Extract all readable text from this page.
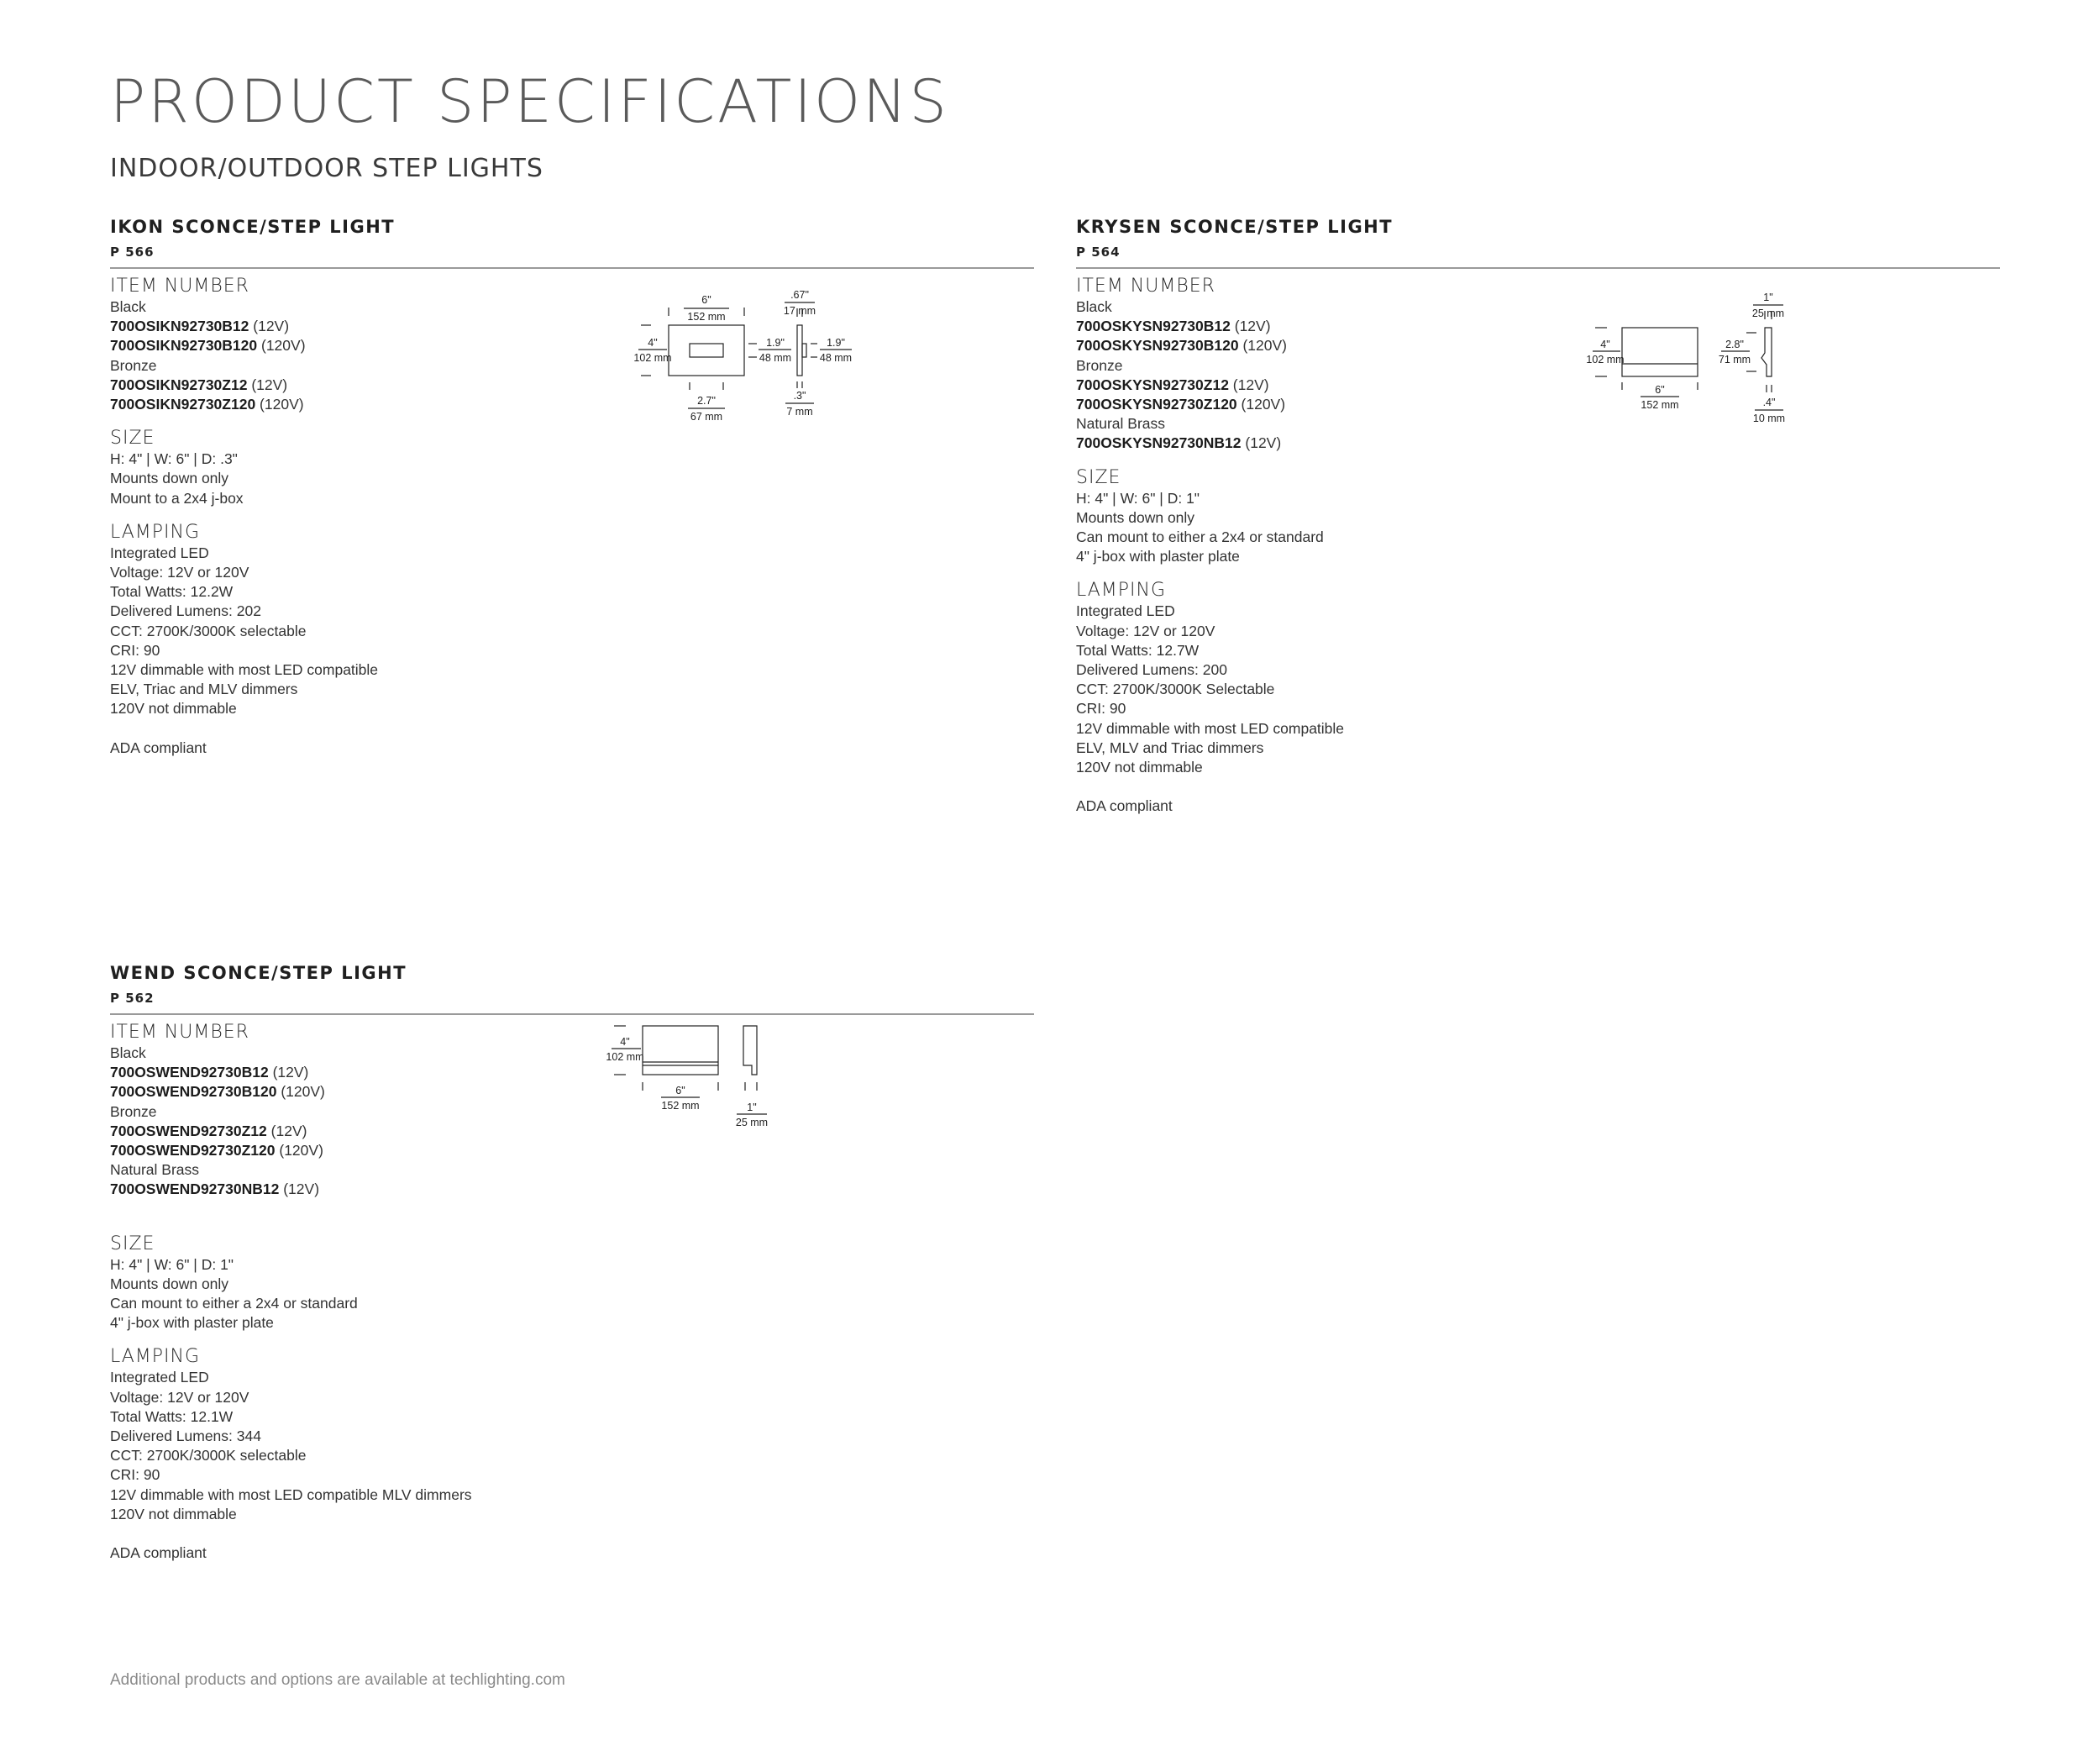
PRODUCT SPECIFICATIONS
INDOOR/OUTDOOR STEP LIGHTS
IKON SCONCE/STEP LIGHT
P 566
ITEM NUMBER
Black
700OSIKN92730B12 (12V)
700OSIKN92730B120 (120V)
Bronze
700OSIKN92730Z12 (12V)
700OSIKN92730Z120 (120V)
SIZE
H: 4" | W: 6" | D: .3"
Mounts down only
Mount to a 2x4 j-box
LAMPING
Integrated LED
Voltage: 12V or 120V
Total Watts: 12.2W
Delivered Lumens: 202
CCT: 2700K/3000K selectable
CRI: 90
12V dimmable with most LED compatible
ELV, Triac and MLV dimmers
120V not dimmable
ADA compliant
6"
152 mm
4"
102 mm
1.9"
48 mm
2.7"
67 mm
.67"
17 mm
1.9"
48 mm
.3"
7 mm
KRYSEN SCONCE/STEP LIGHT
P 564
ITEM NUMBER
Black
700OSKYSN92730B12 (12V)
700OSKYSN92730B120 (120V)
Bronze
700OSKYSN92730Z12 (12V)
700OSKYSN92730Z120 (120V)
Natural Brass
700OSKYSN92730NB12 (12V)
SIZE
H: 4" | W: 6" | D: 1"
Mounts down only
Can mount to either a 2x4 or standard
4" j-box with plaster plate
LAMPING
Integrated LED
Voltage: 12V or 120V
Total Watts: 12.7W
Delivered Lumens: 200
CCT: 2700K/3000K Selectable
CRI: 90
12V dimmable with most LED compatible
ELV, MLV and Triac dimmers
120V not dimmable
ADA compliant
4"
102 mm
6"
152 mm
1"
25 mm
2.8"
71 mm
.4"
10 mm
WEND SCONCE/STEP LIGHT
P 562
ITEM NUMBER
Black
700OSWEND92730B12 (12V)
700OSWEND92730B120 (120V)
Bronze
700OSWEND92730Z12 (12V)
700OSWEND92730Z120 (120V)
Natural Brass
700OSWEND92730NB12 (12V)
SIZE
H: 4" | W: 6" | D: 1"
Mounts down only
Can mount to either a 2x4 or standard
4" j-box with plaster plate
LAMPING
Integrated LED
Voltage: 12V or 120V
Total Watts: 12.1W
Delivered Lumens: 344
CCT: 2700K/3000K selectable
CRI: 90
12V dimmable with most LED compatible MLV dimmers
120V not dimmable
ADA compliant
4"
102 mm
6"
152 mm	1"
25 mm
Additional products and options are available at techlighting.com
